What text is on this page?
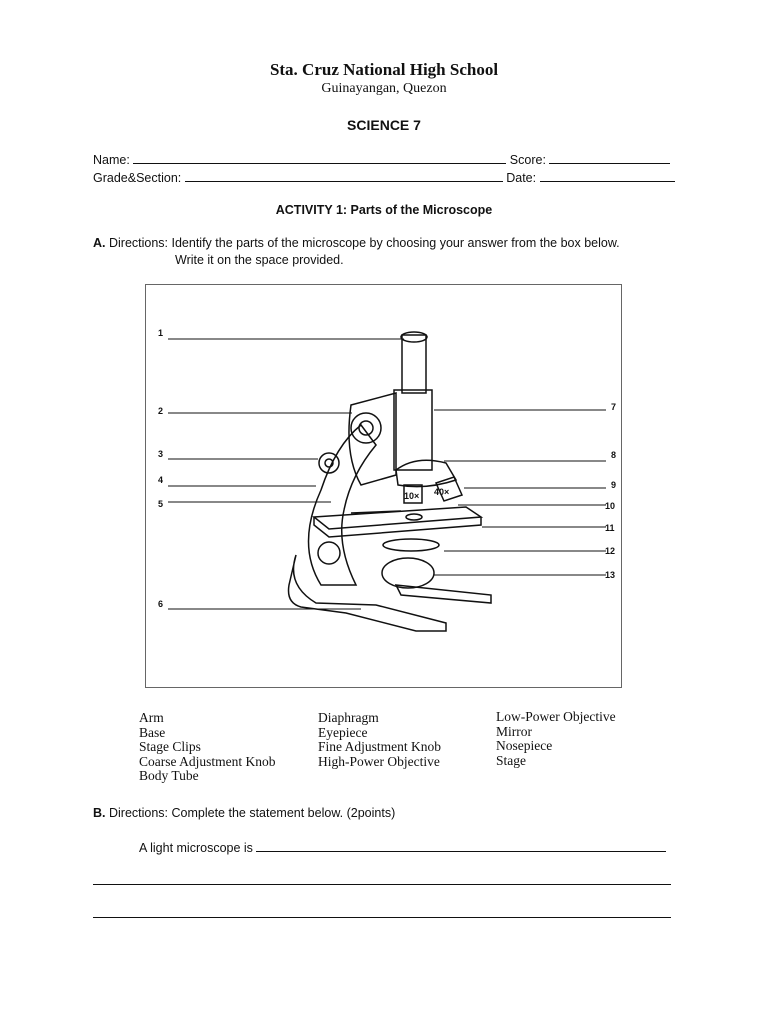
Sta. Cruz National High School
Guinayangan, Quezon
SCIENCE 7
Name:	Score:
Grade&Section:	Date:
ACTIVITY 1: Parts of the Microscope
A. Directions: Identify the parts of the microscope by choosing your answer from the box below.
Write it on the space provided.
40×
10×
1
2
3
4
5
6
7
8
9
10
11
12
13
Arm
Base
Stage Clips
Coarse Adjustment Knob
Body Tube
Diaphragm
Eyepiece
Fine Adjustment Knob
High-Power Objective
Low-Power Objective
Mirror
Nosepiece
Stage
B. Directions: Complete the statement below. (2points)
A light microscope is
